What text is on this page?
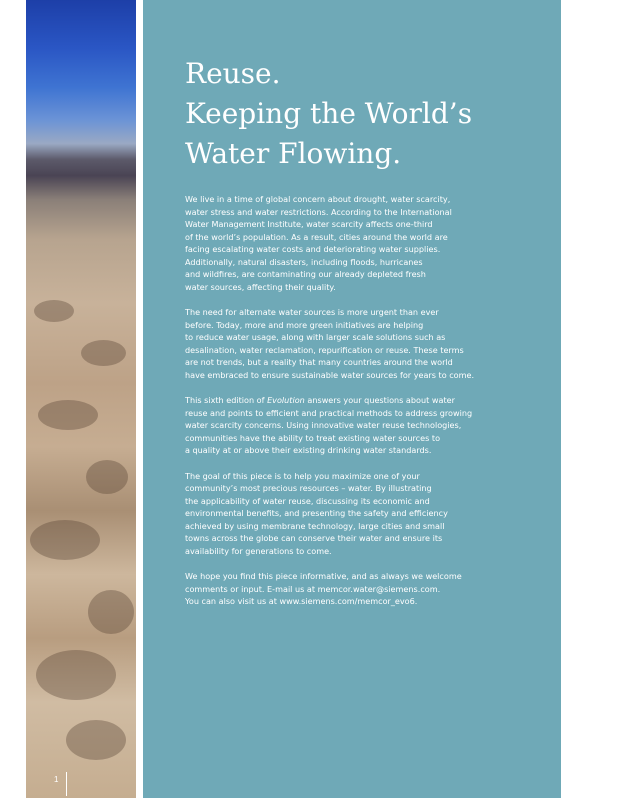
1
Reuse.
Keeping the World’s
Water Flowing.

We live in a time of global concern about drought, water scarcity,
water stress and water restrictions. According to the International
Water Management Institute, water scarcity affects one-third
of the world’s population. As a result, cities around the world are
facing escalating water costs and deteriorating water supplies.
Additionally, natural disasters, including floods, hurricanes
and wildfires, are contaminating our already depleted fresh
water sources, affecting their quality.

The need for alternate water sources is more urgent than ever
before. Today, more and more green initiatives are helping
to reduce water usage, along with larger scale solutions such as
desalination, water reclamation, repurification or reuse. These terms
are not trends, but a reality that many countries around the world
have embraced to ensure sustainable water sources for years to come.

This sixth edition of Evolution answers your questions about water
reuse and points to efficient and practical methods to address growing
water scarcity concerns. Using innovative water reuse technologies,
communities have the ability to treat existing water sources to
a quality at or above their existing drinking water standards.

The goal of this piece is to help you maximize one of your
community’s most precious resources – water. By illustrating
the applicability of water reuse, discussing its economic and
environmental benefits, and presenting the safety and efficiency
achieved by using membrane technology, large cities and small
towns across the globe can conserve their water and ensure its
availability for generations to come.

We hope you find this piece informative, and as always we welcome
comments or input. E-mail us at memcor.water@siemens.com.
You can also visit us at www.siemens.com/memcor_evo6.
